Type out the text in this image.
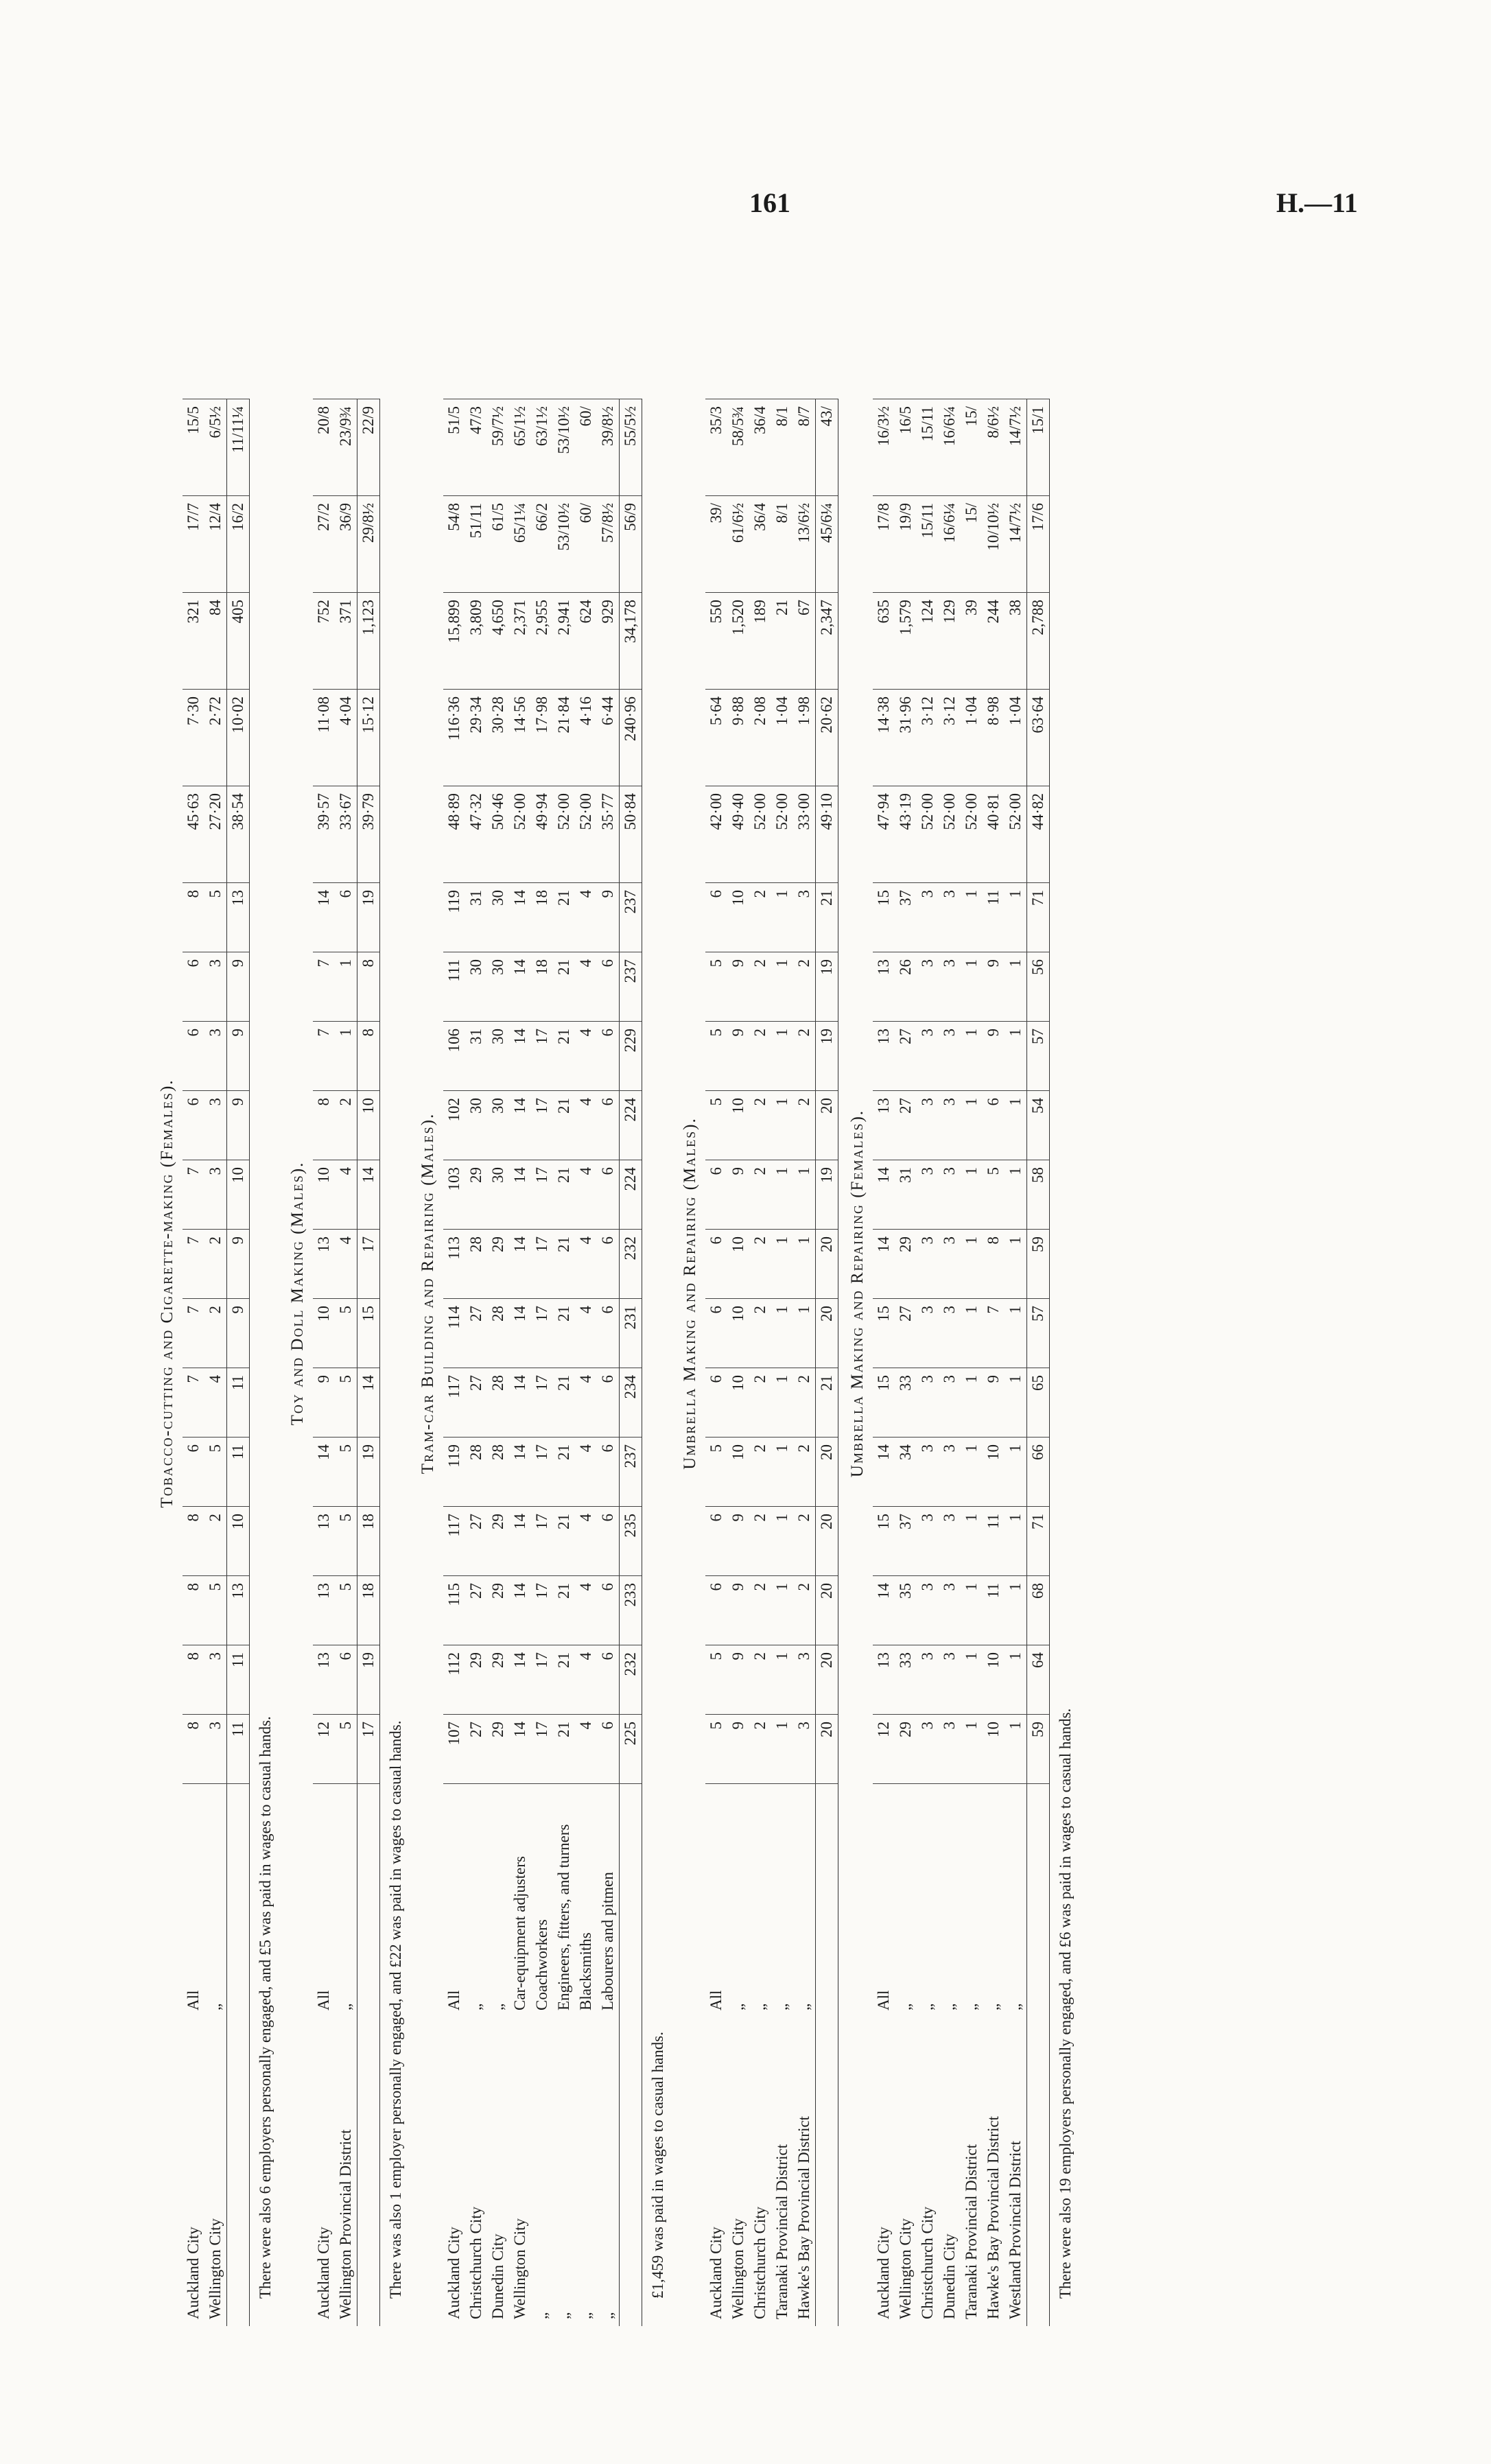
161	H.—11
Tobacco-cutting and Cigarette-making (Females).
Auckland City	All	8	8	8	8	6	7	7	7	7	6	6	6	8	45·63	7·30	321	17/7	15/5
Wellington City	„	3	3	5	2	5	4	2	2	3	3	3	3	5	27·20	2·72	84	12/4	6/5½
		11	11	13	10	11	11	9	9	10	9	9	9	13	38·54	10·02	405	16/2	11/11¼
There were also 6 employers personally engaged, and £5 was paid in wages to casual hands.
Toy and Doll Making (Males).
Auckland City	All	12	13	13	13	14	9	10	13	10	8	7	7	14	39·57	11·08	752	27/2	20/8
Wellington Provincial District	„	5	6	5	5	5	5	5	4	4	2	1	1	6	33·67	4·04	371	36/9	23/9¾
		17	19	18	18	19	14	15	17	14	10	8	8	19	39·79	15·12	1,123	29/8½	22/9
There was also 1 employer personally engaged, and £22 was paid in wages to casual hands.
Tram-car Building and Repairing (Males).
Auckland City	All	107	112	115	117	119	117	114	113	103	102	106	111	119	48·89	116·36	15,899	54/8	51/5
Christchurch City	„	27	29	27	27	28	27	27	28	29	30	31	30	31	47·32	29·34	3,809	51/11	47/3
Dunedin City	„	29	29	29	29	28	28	28	29	30	30	30	30	30	50·46	30·28	4,650	61/5	59/7½
Wellington City	Car-equipment adjusters	14	14	14	14	14	14	14	14	14	14	14	14	14	52·00	14·56	2,371	65/1¼	65/1½
„	Coachworkers	17	17	17	17	17	17	17	17	17	17	17	18	18	49·94	17·98	2,955	66/2	63/1½
„	Engineers, fitters, and turners	21	21	21	21	21	21	21	21	21	21	21	21	21	52·00	21·84	2,941	53/10½	53/10½
„	Blacksmiths	4	4	4	4	4	4	4	4	4	4	4	4	4	52·00	4·16	624	60/	60/
„	Labourers and pitmen	6	6	6	6	6	6	6	6	6	6	6	6	9	35·77	6·44	929	57/8½	39/8½
		225	232	233	235	237	234	231	232	224	224	229	237	237	50·84	240·96	34,178	56/9	55/5½
£1,459 was paid in wages to casual hands.
Umbrella Making and Repairing (Males).
Auckland City	All	5	5	6	6	5	6	6	6	6	5	5	5	6	42·00	5·64	550	39/	35/3
Wellington City	„	9	9	9	9	10	10	10	10	9	10	9	9	10	49·40	9·88	1,520	61/6½	58/5¾
Christchurch City	„	2	2	2	2	2	2	2	2	2	2	2	2	2	52·00	2·08	189	36/4	36/4
Taranaki Provincial District	„	1	1	1	1	1	1	1	1	1	1	1	1	1	52·00	1·04	21	8/1	8/1
Hawke's Bay Provincial District	„	3	3	2	2	2	2	1	1	1	2	2	2	3	33·00	1·98	67	13/6½	8/7
		20	20	20	20	20	21	20	20	19	20	19	19	21	49·10	20·62	2,347	45/6¼	43/
Umbrella Making and Repairing (Females).
Auckland City	All	12	13	14	15	14	15	15	14	14	13	13	13	15	47·94	14·38	635	17/8	16/3½
Wellington City	„	29	33	35	37	34	33	27	29	31	27	27	26	37	43·19	31·96	1,579	19/9	16/5
Christchurch City	„	3	3	3	3	3	3	3	3	3	3	3	3	3	52·00	3·12	124	15/11	15/11
Dunedin City	„	3	3	3	3	3	3	3	3	3	3	3	3	3	52·00	3·12	129	16/6¼	16/6¼
Taranaki Provincial District	„	1	1	1	1	1	1	1	1	1	1	1	1	1	52·00	1·04	39	15/	15/
Hawke's Bay Provincial District	„	10	10	11	11	10	9	7	8	5	6	9	9	11	40·81	8·98	244	10/10½	8/6½
Westland Provincial District	„	1	1	1	1	1	1	1	1	1	1	1	1	1	52·00	1·04	38	14/7½	14/7½
		59	64	68	71	66	65	57	59	58	54	57	56	71	44·82	63·64	2,788	17/6	15/1
There were also 19 employers personally engaged, and £6 was paid in wages to casual hands.
